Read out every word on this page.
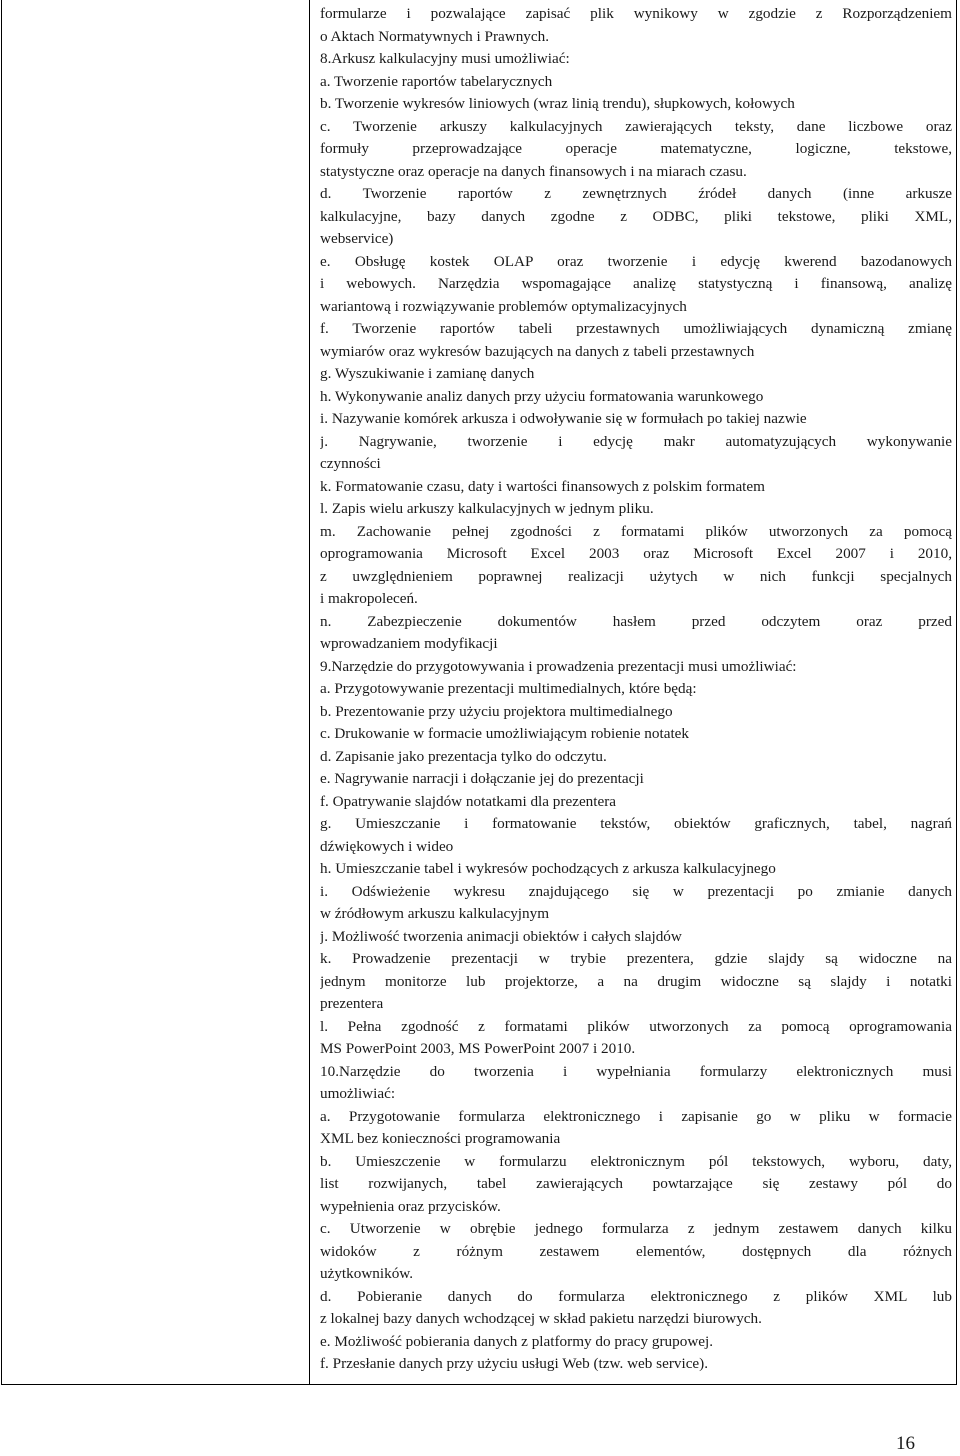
formularze i pozwalające zapisać plik wynikowy w zgodzie z Rozporządzeniem
o Aktach Normatywnych i Prawnych.
8.Arkusz kalkulacyjny musi umożliwiać:
a. Tworzenie raportów tabelarycznych
b. Tworzenie wykresów liniowych (wraz linią trendu), słupkowych, kołowych
c. Tworzenie arkuszy kalkulacyjnych zawierających teksty, dane liczbowe oraz
formuły przeprowadzające operacje matematyczne, logiczne, tekstowe,
statystyczne oraz operacje na danych finansowych i na miarach czasu.
d. Tworzenie raportów z zewnętrznych źródeł danych (inne arkusze
kalkulacyjne, bazy danych zgodne z ODBC, pliki tekstowe, pliki XML,
webservice)
e. Obsługę kostek OLAP oraz tworzenie i edycję kwerend bazodanowych
i webowych. Narzędzia wspomagające analizę statystyczną i finansową, analizę
wariantową i rozwiązywanie problemów optymalizacyjnych
f. Tworzenie raportów tabeli przestawnych umożliwiających dynamiczną zmianę
wymiarów oraz wykresów bazujących na danych z tabeli przestawnych
g. Wyszukiwanie i zamianę danych
h. Wykonywanie analiz danych przy użyciu formatowania warunkowego
i. Nazywanie komórek arkusza i odwoływanie się w formułach po takiej nazwie
j. Nagrywanie, tworzenie i edycję makr automatyzujących wykonywanie
czynności
k. Formatowanie czasu, daty i wartości finansowych z polskim formatem
l. Zapis wielu arkuszy kalkulacyjnych w jednym pliku.
m. Zachowanie pełnej zgodności z formatami plików utworzonych za pomocą
oprogramowania Microsoft Excel 2003 oraz Microsoft Excel 2007 i 2010,
z uwzględnieniem poprawnej realizacji użytych w nich funkcji specjalnych
i makropoleceń.
n. Zabezpieczenie dokumentów hasłem przed odczytem oraz przed
wprowadzaniem modyfikacji
9.Narzędzie do przygotowywania i prowadzenia prezentacji musi umożliwiać:
a. Przygotowywanie prezentacji multimedialnych, które będą:
b. Prezentowanie przy użyciu projektora multimedialnego
c. Drukowanie w formacie umożliwiającym robienie notatek
d. Zapisanie jako prezentacja tylko do odczytu.
e. Nagrywanie narracji i dołączanie jej do prezentacji
f. Opatrywanie slajdów notatkami dla prezentera
g. Umieszczanie i formatowanie tekstów, obiektów graficznych, tabel, nagrań
dźwiękowych i wideo
h. Umieszczanie tabel i wykresów pochodzących z arkusza kalkulacyjnego
i. Odświeżenie wykresu znajdującego się w prezentacji po zmianie danych
w źródłowym arkuszu kalkulacyjnym
j. Możliwość tworzenia animacji obiektów i całych slajdów
k. Prowadzenie prezentacji w trybie prezentera, gdzie slajdy są widoczne na
jednym monitorze lub projektorze, a na drugim widoczne są slajdy i notatki
prezentera
l. Pełna zgodność z formatami plików utworzonych za pomocą oprogramowania
MS PowerPoint 2003, MS PowerPoint 2007 i 2010.
10.Narzędzie do tworzenia i wypełniania formularzy elektronicznych musi
umożliwiać:
a. Przygotowanie formularza elektronicznego i zapisanie go w pliku w formacie
XML bez konieczności programowania
b. Umieszczenie w formularzu elektronicznym pól tekstowych, wyboru, daty,
list rozwijanych, tabel zawierających powtarzające się zestawy pól do
wypełnienia oraz przycisków.
c. Utworzenie w obrębie jednego formularza z jednym zestawem danych kilku
widoków z różnym zestawem elementów, dostępnych dla różnych
użytkowników.
d. Pobieranie danych do formularza elektronicznego z plików XML lub
z lokalnej bazy danych wchodzącej w skład pakietu narzędzi biurowych.
e. Możliwość pobierania danych z platformy do pracy grupowej.
f. Przesłanie danych przy użyciu usługi Web (tzw. web service).
16
